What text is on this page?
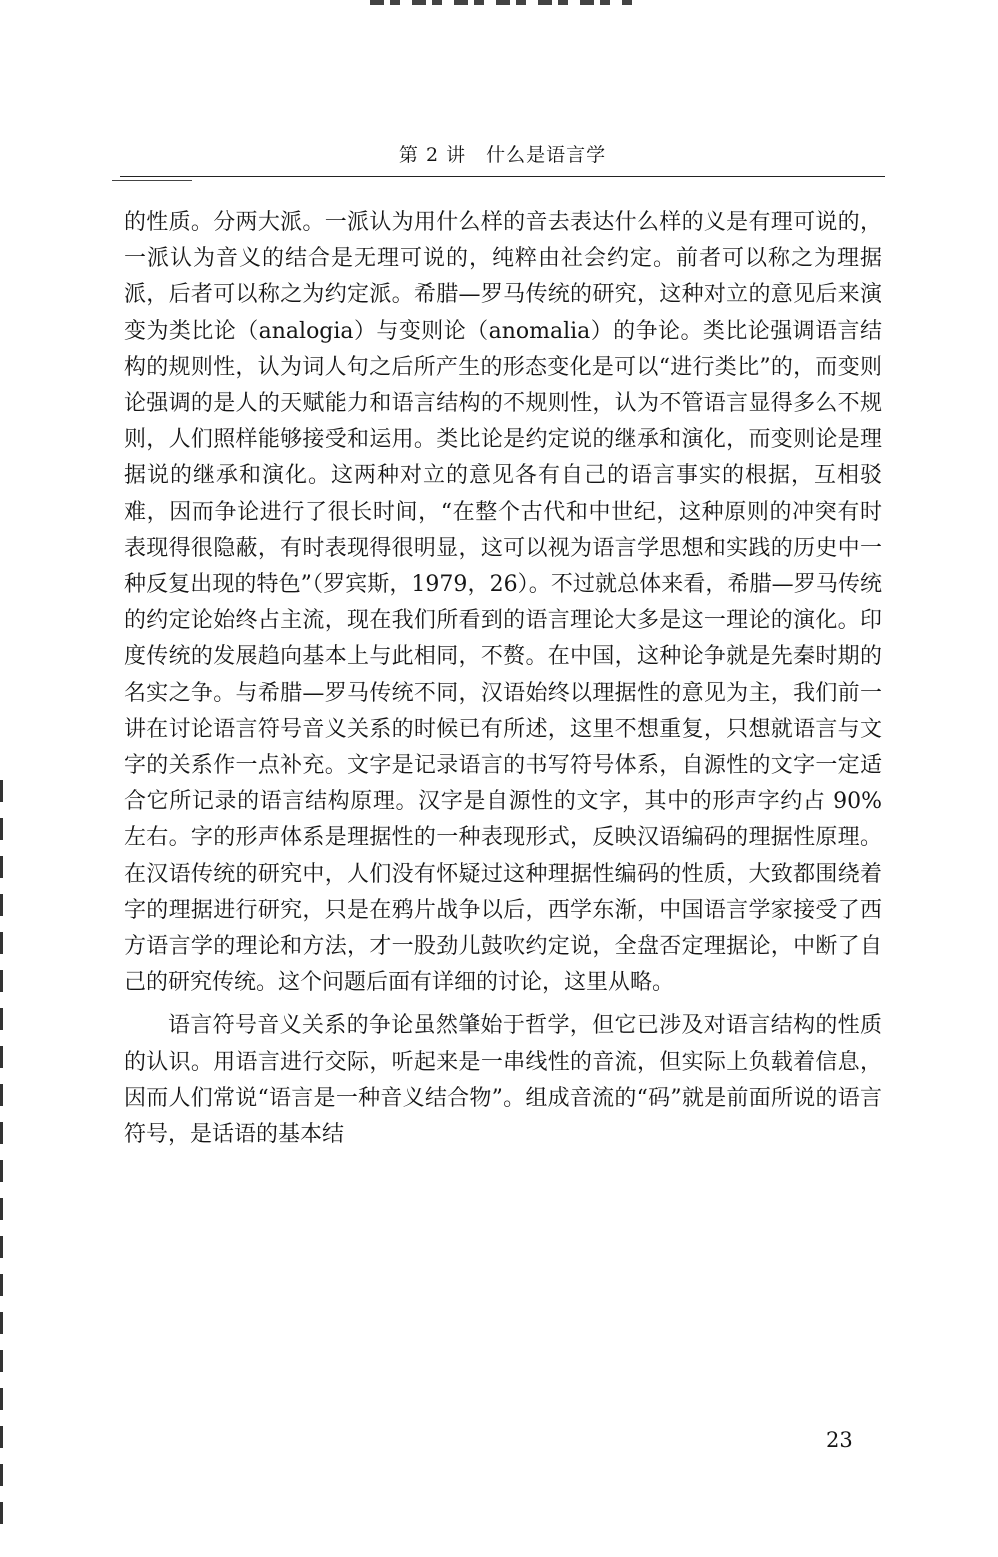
第 2 讲　什么是语言学

的性质。分两大派。一派认为用什么样的音去表达什么样的义是有理可说的，一派认为音义的结合是无理可说的，纯粹由社会约定。前者可以称之为理据派，后者可以称之为约定派。希腊—罗马传统的研究，这种对立的意见后来演变为类比论（analogia）与变则论（anomalia）的争论。类比论强调语言结构的规则性，认为词人句之后所产生的形态变化是可以“进行类比”的，而变则论强调的是人的天赋能力和语言结构的不规则性，认为不管语言显得多么不规则，人们照样能够接受和运用。类比论是约定说的继承和演化，而变则论是理据说的继承和演化。这两种对立的意见各有自己的语言事实的根据，互相驳难，因而争论进行了很长时间，“在整个古代和中世纪，这种原则的冲突有时表现得很隐蔽，有时表现得很明显，这可以视为语言学思想和实践的历史中一种反复出现的特色”（罗宾斯，1979，26）。不过就总体来看，希腊—罗马传统的约定论始终占主流，现在我们所看到的语言理论大多是这一理论的演化。印度传统的发展趋向基本上与此相同，不赘。在中国，这种论争就是先秦时期的名实之争。与希腊—罗马传统不同，汉语始终以理据性的意见为主，我们前一讲在讨论语言符号音义关系的时候已有所述，这里不想重复，只想就语言与文字的关系作一点补充。文字是记录语言的书写符号体系，自源性的文字一定适合它所记录的语言结构原理。汉字是自源性的文字，其中的形声字约占 90%左右。字的形声体系是理据性的一种表现形式，反映汉语编码的理据性原理。在汉语传统的研究中，人们没有怀疑过这种理据性编码的性质，大致都围绕着字的理据进行研究，只是在鸦片战争以后，西学东渐，中国语言学家接受了西方语言学的理论和方法，才一股劲儿鼓吹约定说，全盘否定理据论，中断了自己的研究传统。这个问题后面有详细的讨论，这里从略。

语言符号音义关系的争论虽然肇始于哲学，但它已涉及对语言结构的性质的认识。用语言进行交际，听起来是一串线性的音流，但实际上负载着信息，因而人们常说“语言是一种音义结合物”。组成音流的“码”就是前面所说的语言符号，是话语的基本结

23
